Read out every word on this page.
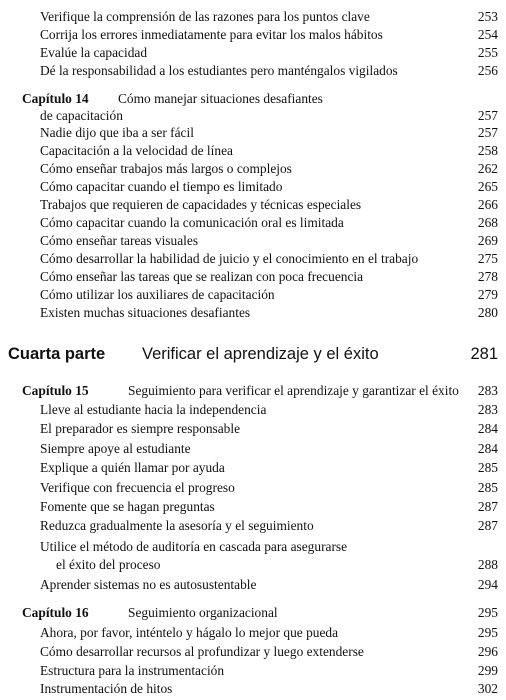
Verifique la comprensión de las razones para los puntos clave	253
Corrija los errores inmediatamente para evitar los malos hábitos	254
Evalúe la capacidad	255
Dé la responsabilidad a los estudiantes pero manténgalos vigilados	256
Capítulo 14 Cómo manejar situaciones desafiantes
de capacitación	257
Nadie dijo que iba a ser fácil	257
Capacitación a la velocidad de línea	258
Cómo enseñar trabajos más largos o complejos	262
Cómo capacitar cuando el tiempo es limitado	265
Trabajos que requieren de capacidades y técnicas especiales	266
Cómo capacitar cuando la comunicación oral es limitada	268
Cómo enseñar tareas visuales	269
Cómo desarrollar la habilidad de juicio y el conocimiento en el trabajo	275
Cómo enseñar las tareas que se realizan con poca frecuencia	278
Cómo utilizar los auxiliares de capacitación	279
Existen muchas situaciones desafiantes	280
Cuarta parte Verificar el aprendizaje y el éxito	281
Capítulo 15	Seguimiento para verificar el aprendizaje y garantizar el éxito	283
Lleve al estudiante hacia la independencia	283
El preparador es siempre responsable	284
Siempre apoye al estudiante	284
Explique a quién llamar por ayuda	285
Verifique con frecuencia el progreso	285
Fomente que se hagan preguntas	287
Reduzca gradualmente la asesoría y el seguimiento	287
Utilice el método de auditoría en cascada para asegurarse
el éxito del proceso	288
Aprender sistemas no es autosustentable	294
Capítulo 16	Seguimiento organizacional	295
Ahora, por favor, inténtelo y hágalo lo mejor que pueda	295
Cómo desarrollar recursos al profundizar y luego extenderse	296
Estructura para la instrumentación	299
Instrumentación de hitos	302
